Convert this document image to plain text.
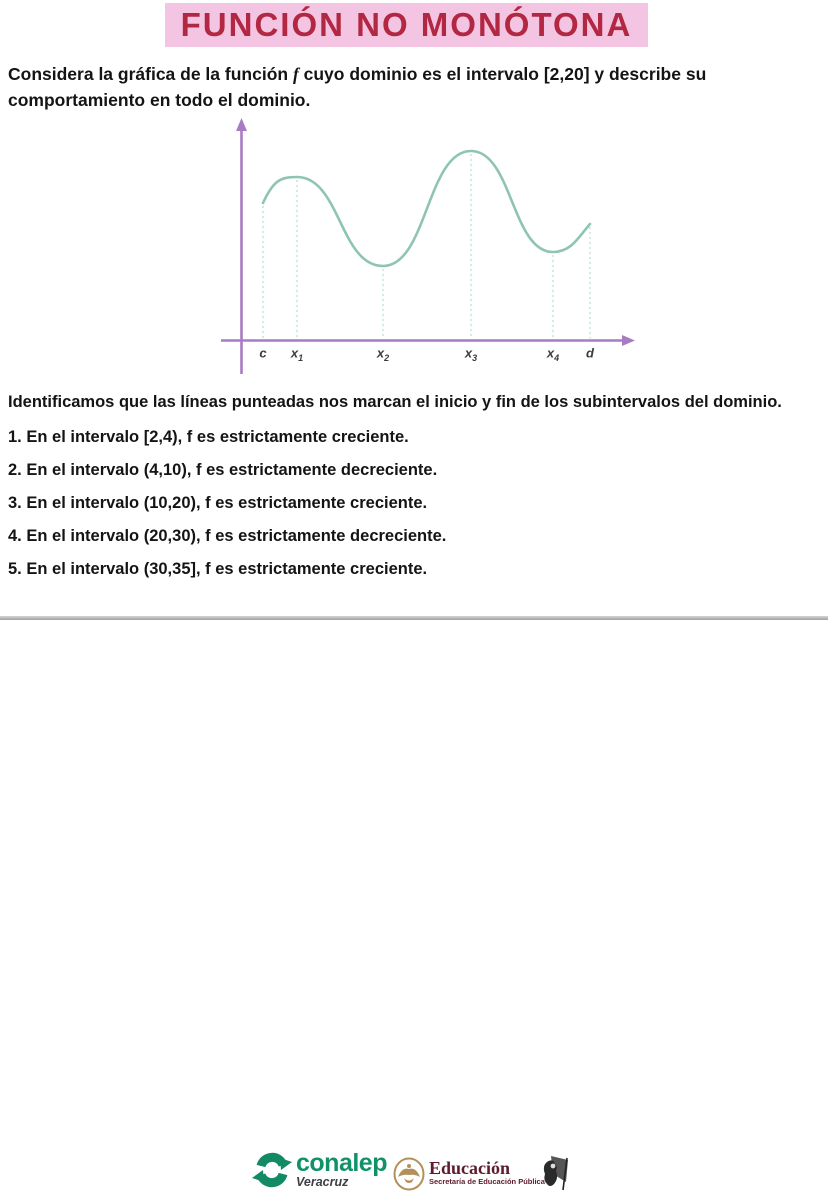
FUNCIÓN NO MONÓTONA
Considera la gráfica de la función f cuyo dominio es el intervalo [2,20] y describe su
comportamiento en todo el dominio.
c $x_1$	$x_2$	$x_3$	$x_4$ d
Identificamos que las líneas punteadas nos marcan el inicio y fin de los subintervalos del dominio.
1. En el intervalo [2,4), f es estrictamente creciente.
2. En el intervalo (4,10), f es estrictamente decreciente.
3. En el intervalo (10,20), f es estrictamente creciente.
4. En el intervalo (20,30), f es estrictamente decreciente.
5. En el intervalo (30,35], f es estrictamente creciente.
conalep
Veracruz
Educación
Secretaría de Educación Pública
